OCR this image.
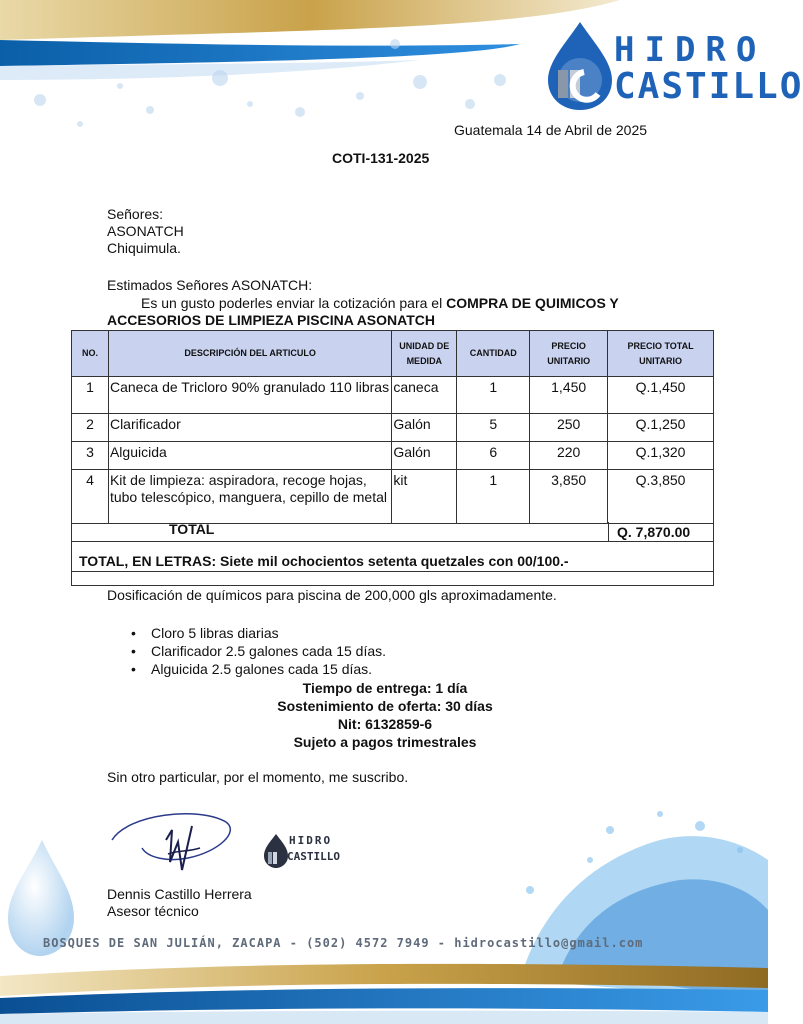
HIDRO
CASTILLO
Guatemala 14 de Abril de 2025
COTI-131-2025
Señores:
ASONATCH
Chiquimula.
Estimados Señores ASONATCH:
Es un gusto poderles enviar la cotización para el COMPRA DE QUIMICOS Y
ACCESORIOS DE LIMPIEZA PISCINA ASONATCH
NO.	DESCRIPCIÓN DEL ARTICULO	UNIDAD DE MEDIDA	CANTIDAD	PRECIO UNITARIO	PRECIO TOTAL UNITARIO
1	Caneca de Tricloro 90% granulado 110 libras	caneca	1	1,450	Q.1,450
2	Clarificador	Galón	5	250	Q.1,250
3	Alguicida	Galón	6	220	Q.1,320
4	Kit de limpieza: aspiradora, recoge hojas, tubo telescópico, manguera, cepillo de metal	kit	1	3,850	Q.3,850
TOTAL	Q. 7,870.00
TOTAL, EN LETRAS: Siete mil ochocientos setenta quetzales con 00/100.-
Dosificación de químicos para piscina de 200,000 gls aproximadamente.
• Cloro 5 libras diarias
• Clarificador 2.5 galones cada 15 días.
• Alguicida 2.5 galones cada 15 días.
Tiempo de entrega: 1 día
Sostenimiento de oferta: 30 días
Nit: 6132859-6
Sujeto a pagos trimestrales
Sin otro particular, por el momento, me suscribo.
HIDRO
CASTILLO
Dennis Castillo Herrera
Asesor técnico
BOSQUES DE SAN JULIÁN, ZACAPA - (502) 4572 7949 - hidrocastillo@gmail.com
